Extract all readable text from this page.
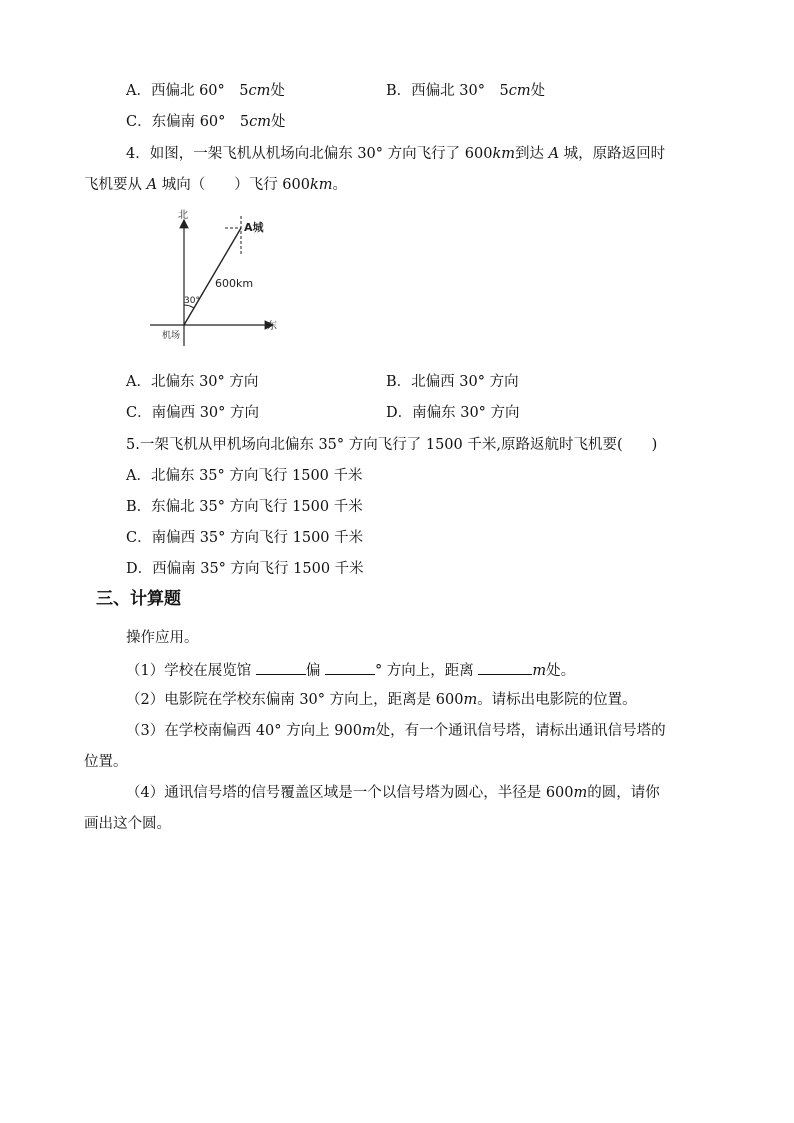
A．西偏北 60°　5cm处	B．西偏北 30°　5cm处
C．东偏南 60°　5cm处
4．如图，一架飞机从机场向北偏东 30° 方向飞行了 600km到达 A 城，原路返回时
飞机要从 A 城向（　　）飞行 600km。
北
东
机场
A城
600km
30°
A．北偏东 30° 方向	B．北偏西 30° 方向
C．南偏西 30° 方向	D．南偏东 30° 方向
5.一架飞机从甲机场向北偏东 35° 方向飞行了 1500 千米,原路返航时飞机要(　　)
A．北偏东 35° 方向飞行 1500 千米
B．东偏北 35° 方向飞行 1500 千米
C．南偏西 35° 方向飞行 1500 千米
D．西偏南 35° 方向飞行 1500 千米
三、计算题
操作应用。
（1）学校在展览馆	偏	° 方向上，距离	m处。
（2）电影院在学校东偏南 30° 方向上，距离是 600m。请标出电影院的位置。
（3）在学校南偏西 40° 方向上 900m处，有一个通讯信号塔，请标出通讯信号塔的
位置。
（4）通讯信号塔的信号覆盖区域是一个以信号塔为圆心，半径是 600m的圆，请你
画出这个圆。
